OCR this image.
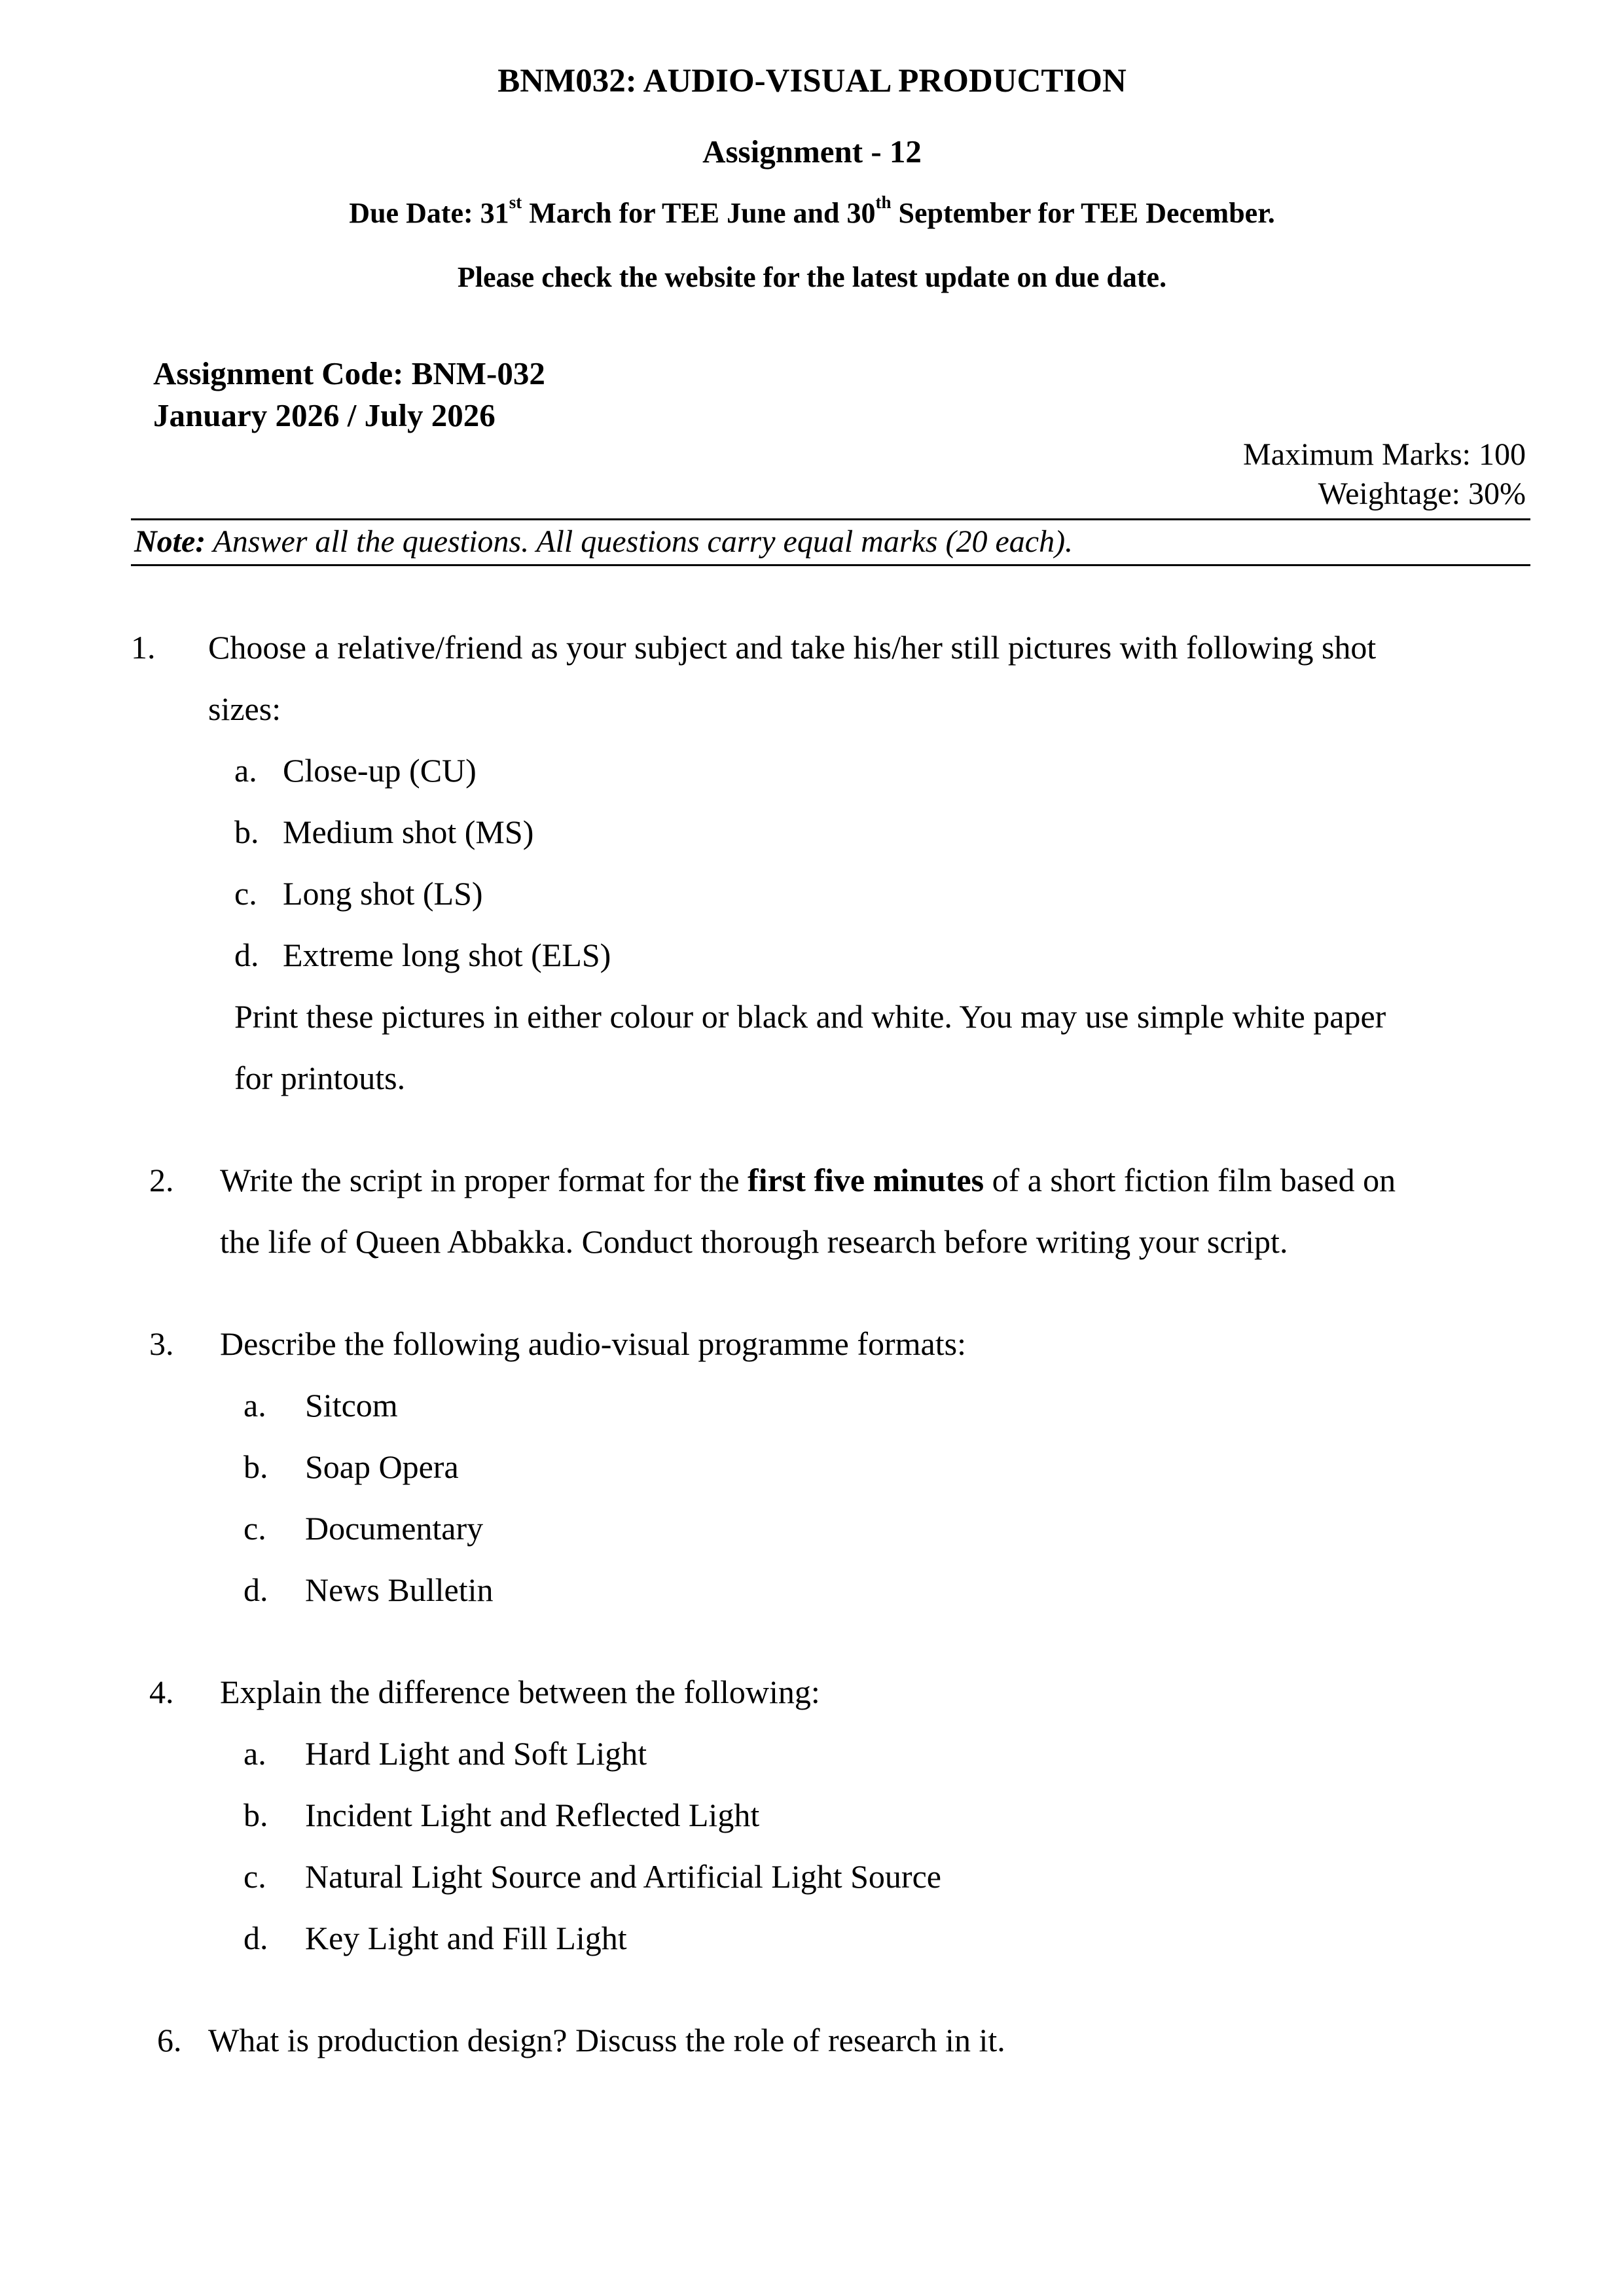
BNM032: AUDIO-VISUAL PRODUCTION
Assignment - 12
Due Date: 31st March for TEE June and 30th September for TEE December.
Please check the website for the latest update on due date.
Assignment Code: BNM-032
January 2026 / July 2026
Maximum Marks: 100
Weightage: 30%
Note: Answer all the questions. All questions carry equal marks (20 each).
1. Choose a relative/friend as your subject and take his/her still pictures with following shot
sizes:
a. Close-up (CU)
b. Medium shot (MS)
c. Long shot (LS)
d. Extreme long shot (ELS)
Print these pictures in either colour or black and white. You may use simple white paper
for printouts.
2. Write the script in proper format for the first five minutes of a short fiction film based on
the life of Queen Abbakka. Conduct thorough research before writing your script.
3. Describe the following audio-visual programme formats:
a. Sitcom
b. Soap Opera
c. Documentary
d. News Bulletin
4. Explain the difference between the following:
a. Hard Light and Soft Light
b. Incident Light and Reflected Light
c. Natural Light Source and Artificial Light Source
d. Key Light and Fill Light
6. What is production design? Discuss the role of research in it.
